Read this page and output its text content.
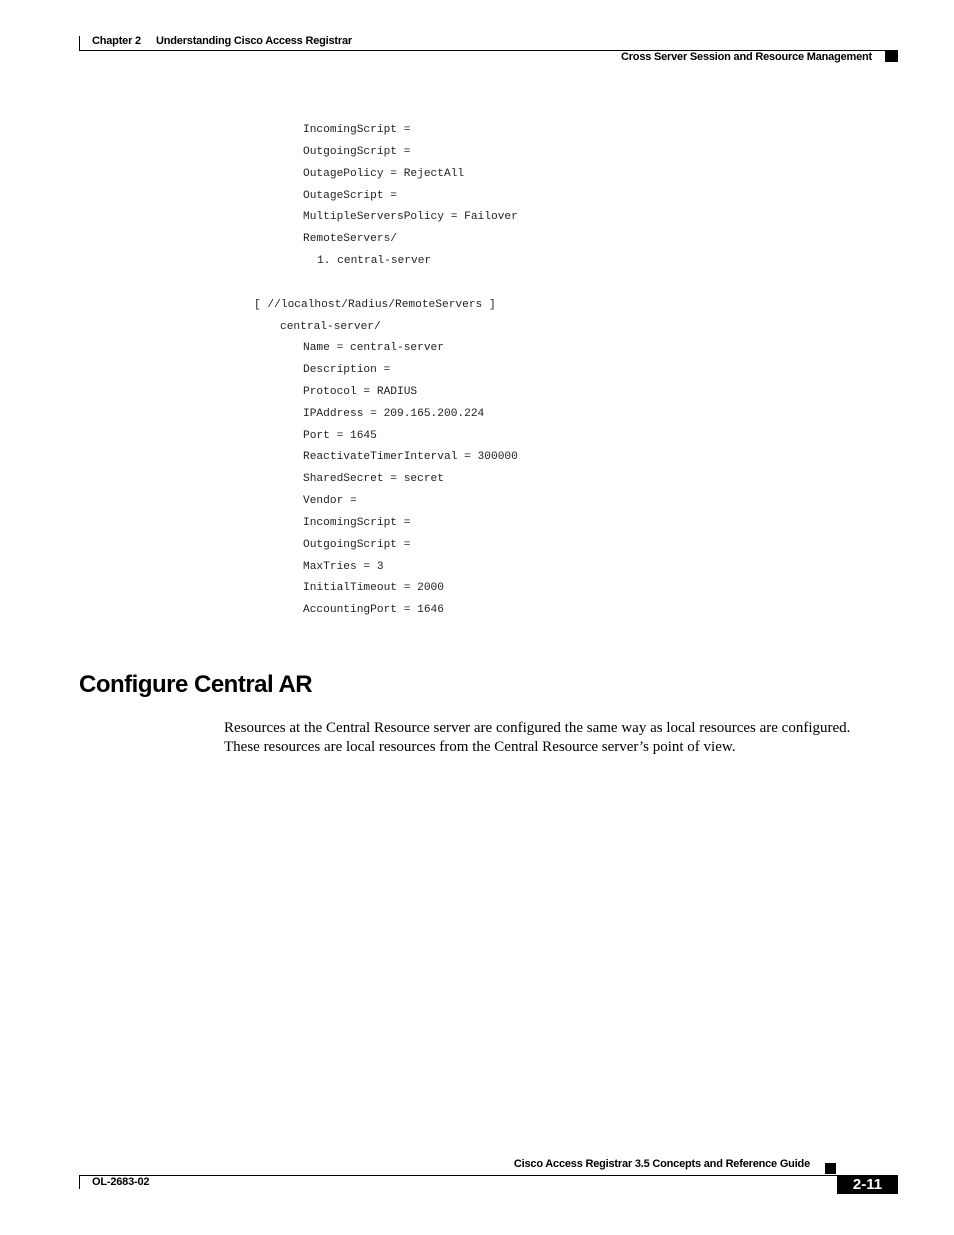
Chapter 2 Understanding Cisco Access Registrar
Cross Server Session and Resource Management
IncomingScript =
OutgoingScript =
OutagePolicy = RejectAll
OutageScript =
MultipleServersPolicy = Failover
RemoteServers/
1. central-server
[ //localhost/Radius/RemoteServers ]
central-server/
Name = central-server
Description =
Protocol = RADIUS
IPAddress = 209.165.200.224
Port = 1645
ReactivateTimerInterval = 300000
SharedSecret = secret
Vendor =
IncomingScript =
OutgoingScript =
MaxTries = 3
InitialTimeout = 2000
AccountingPort = 1646
Configure Central AR

Resources at the Central Resource server are configured the same way as local resources are configured.
These resources are local resources from the Central Resource server’s point of view.

Cisco Access Registrar 3.5 Concepts and Reference Guide
OL-2683-02	2-11
